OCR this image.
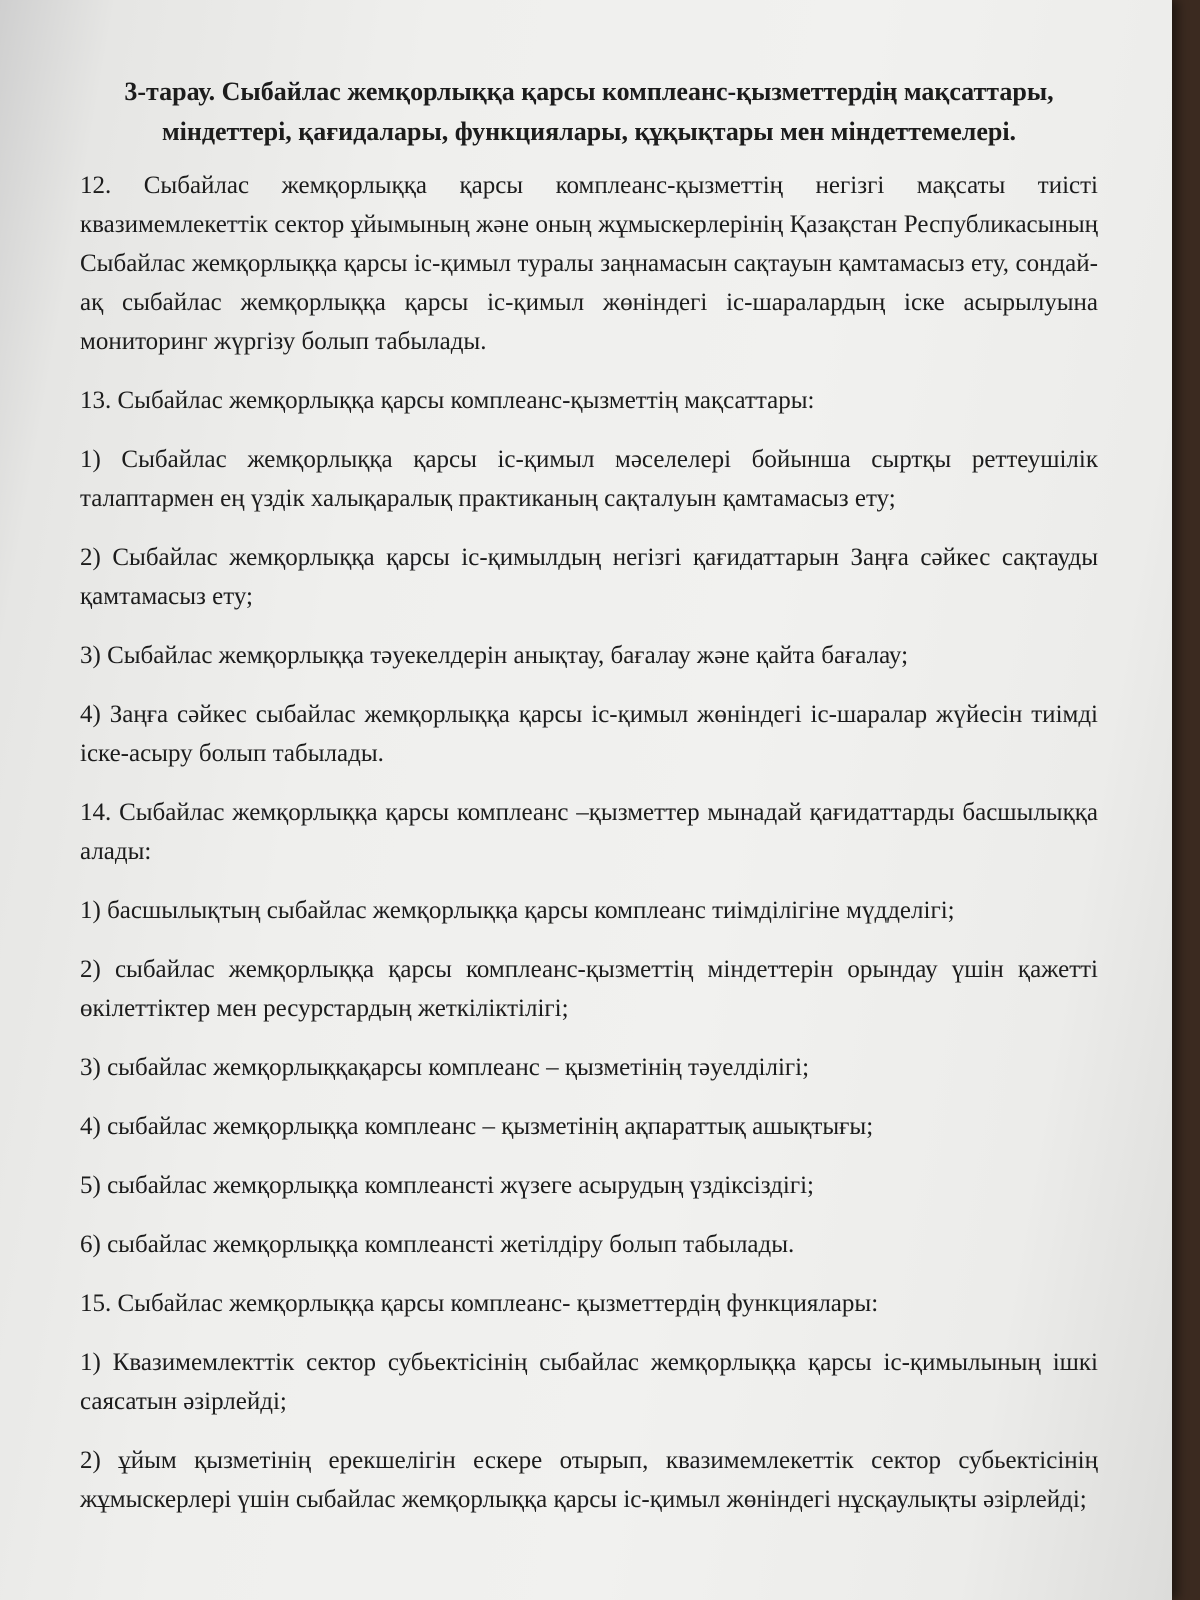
3-тарау. Сыбайлас жемқорлыққа қарсы комплеанс-қызметтердің мақсаттары,
міндеттері, қағидалары, функциялары, құқықтары мен міндеттемелері.

12. Сыбайлас жемқорлыққа қарсы комплеанс-қызметтің негізгі мақсаты тиісті квазимемлекеттік сектор ұйымының және оның жұмыскерлерінің Қазақстан Республикасының Сыбайлас жемқорлыққа қарсы іс-қимыл туралы заңнамасын сақтауын қамтамасыз ету, сондай-ақ сыбайлас жемқорлыққа қарсы іс-қимыл жөніндегі іс-шаралардың іске асырылуына мониторинг жүргізу болып табылады.

13. Сыбайлас жемқорлыққа қарсы комплеанс-қызметтің мақсаттары:

1) Сыбайлас жемқорлыққа қарсы іс-қимыл мәселелері бойынша сыртқы реттеушілік талаптармен ең үздік халықаралық практиканың сақталуын қамтамасыз ету;

2) Сыбайлас жемқорлыққа қарсы іс-қимылдың негізгі қағидаттарын Заңға сәйкес сақтауды қамтамасыз ету;

3) Сыбайлас жемқорлыққа тәуекелдерін анықтау, бағалау және қайта бағалау;

4) Заңға сәйкес сыбайлас жемқорлыққа қарсы іс-қимыл жөніндегі іс-шаралар жүйесін тиімді іске-асыру болып табылады.

14. Сыбайлас жемқорлыққа қарсы комплеанс –қызметтер мынадай қағидаттарды басшылыққа алады:

1) басшылықтың сыбайлас жемқорлыққа қарсы комплеанс тиімділігіне мүдделігі;

2) сыбайлас жемқорлыққа қарсы комплеанс-қызметтің міндеттерін орындау үшін қажетті өкілеттіктер мен ресурстардың жеткіліктілігі;

3) сыбайлас жемқорлыққақарсы комплеанс – қызметінің тәуелділігі;

4) сыбайлас жемқорлыққа комплеанс – қызметінің ақпараттық ашықтығы;

5) сыбайлас жемқорлыққа комплеансті жүзеге асырудың үздіксіздігі;

6) сыбайлас жемқорлыққа комплеансті жетілдіру болып табылады.

15. Сыбайлас жемқорлыққа қарсы комплеанс- қызметтердің функциялары:

1) Квазимемлекттік сектор субьектісінің сыбайлас жемқорлыққа қарсы іс-қимылының ішкі саясатын әзірлейді;

2) ұйым қызметінің ерекшелігін ескере отырып, квазимемлекеттік сектор субьектісінің жұмыскерлері үшін сыбайлас жемқорлыққа қарсы іс-қимыл жөніндегі нұсқаулықты әзірлейді;
